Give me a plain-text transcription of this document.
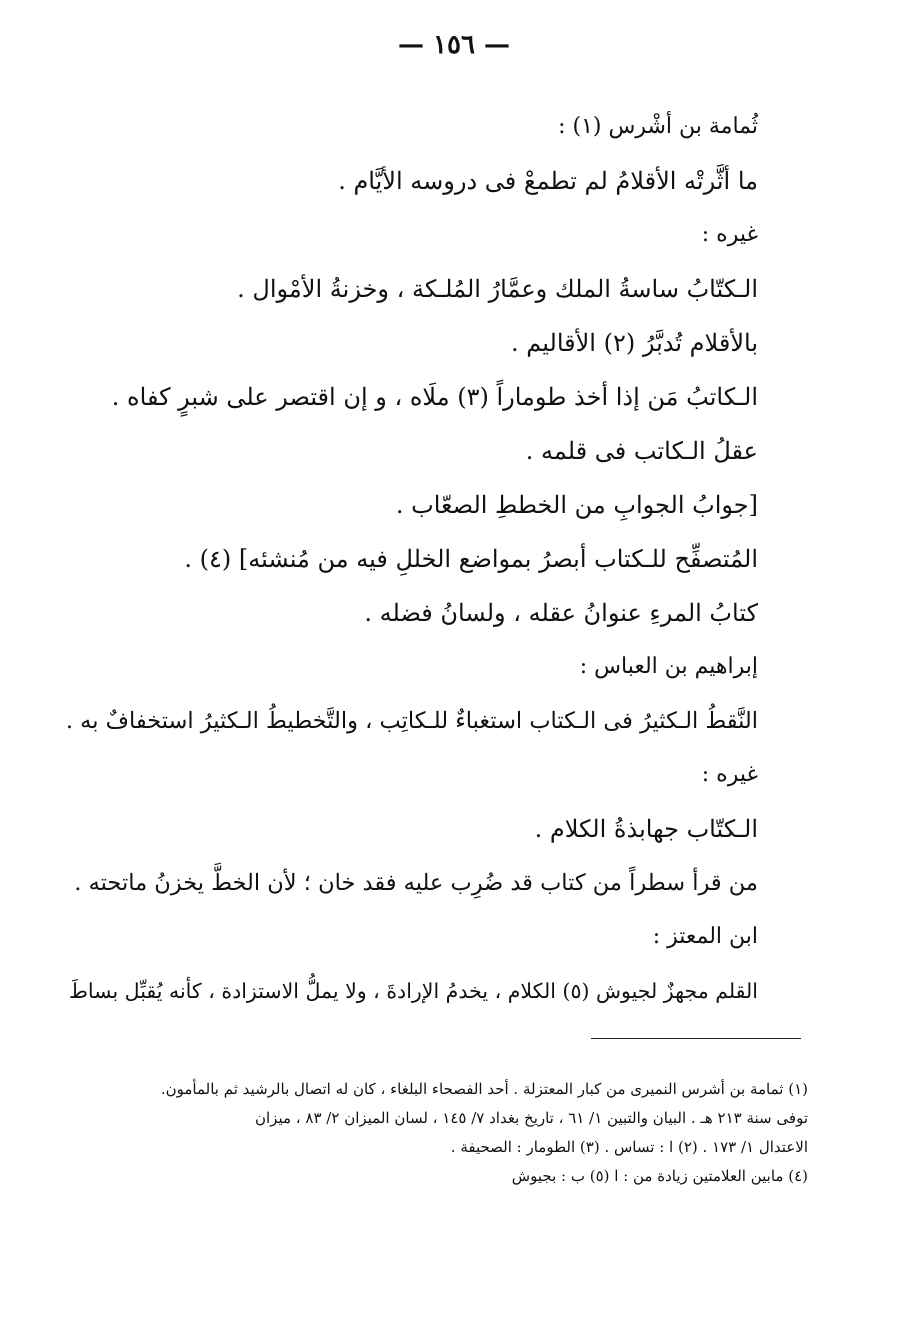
— ١٥٦ —
ثُمامة بن أشْرس (١) :
ما أثَّرتْه الأقلامُ لم تطمعْ فى دروسه الأيَّام .
غيره :
الـكتّابُ ساسةُ الملك وعمَّارُ المُلـكة ، وخزنةُ الأمْوال .
بالأقلام تُدبَّرُ (٢) الأقاليم .
الـكاتبُ مَن إذا أخذ طوماراً (٣) ملَاه ، و إن اقتصر على شبرٍ كفاه .
عقلُ الـكاتب فى قلمه .
[جوابُ الجوابِ من الخططِ الصعّاب .
المُتصفِّح للـكتاب أبصرُ بمواضع الخللِ فيه من مُنشئه] (٤) .
كتابُ المرءِ عنوانُ عقله ، ولسانُ فضله .
إبراهيم بن العباس :
النَّقطُ الـكثيرُ فى الـكتاب استغباءٌ للـكاتِب ، والتَّخطيطُ الـكثيرُ استخفافٌ به .
غيره :
الـكتّاب جهابذةُ الكلام .
من قرأ سطراً من كتاب قد ضُرِب عليه فقد خان ؛ لأن الخطَّ يخزنُ ماتحته .
ابن المعتز :
القلم مجهزٌ لجيوش (٥) الكلام ، يخدمُ الإرادةَ ، ولا يملُّ الاستزادة ، كأنه يُقبِّل بساطَ
(١) ثمامة بن أشرس النميرى من كبار المعتزلة . أحد الفصحاء البلغاء ، كان له اتصال بالرشيد ثم بالمأمون.
توفى سنة ٢١٣ هـ . البيان والتبين ١/ ٦١ ، تاريخ بغداد ٧/ ١٤٥ ، لسان الميزان ٢/ ٨٣ ، ميزان
الاعتدال ١/ ١٧٣ . (٢) ا : تساس . (٣) الطومار : الصحيفة .
(٤) مابين العلامتين زيادة من : ا (٥) ب : بجيوش
